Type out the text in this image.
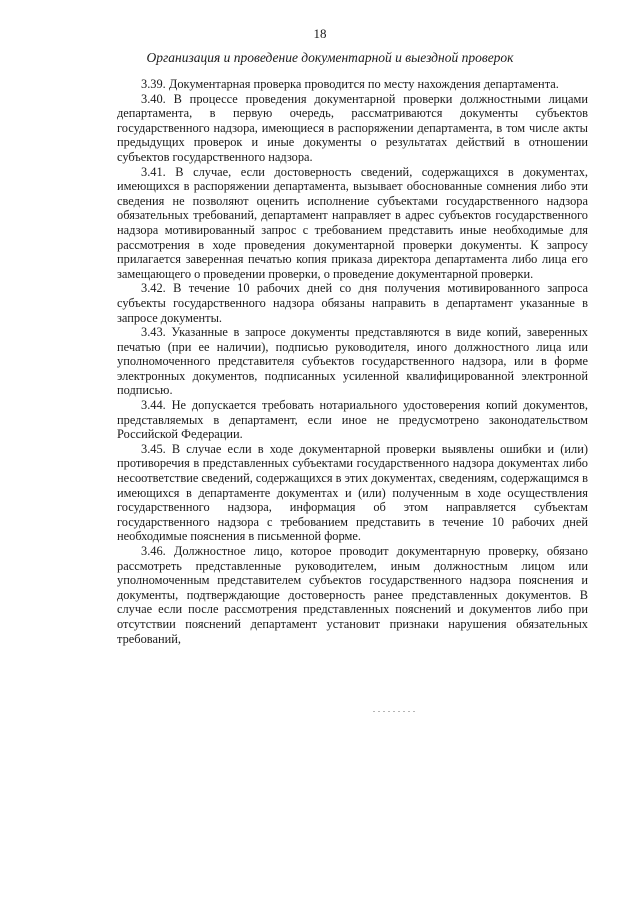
18
Организация и проведение документарной и выездной проверок

3.39. Документарная проверка проводится по месту нахождения департамента.

3.40. В процессе проведения документарной проверки должностными лицами департамента, в первую очередь, рассматриваются документы субъектов государственного надзора, имеющиеся в распоряжении департамента, в том числе акты предыдущих проверок и иные документы о результатах действий в отношении субъектов государственного надзора.

3.41. В случае, если достоверность сведений, содержащихся в документах, имеющихся в распоряжении департамента, вызывает обоснованные сомнения либо эти сведения не позволяют оценить исполнение субъектами государственного надзора обязательных требований, департамент направляет в адрес субъектов государственного надзора мотивированный запрос с требованием представить иные необходимые для рассмотрения в ходе проведения документарной проверки документы. К запросу прилагается заверенная печатью копия приказа директора департамента либо лица его замещающего о проведении проверки, о проведение документарной проверки.

3.42. В течение 10 рабочих дней со дня получения мотивированного запроса субъекты государственного надзора обязаны направить в департамент указанные в запросе документы.

3.43. Указанные в запросе документы представляются в виде копий, заверенных печатью (при ее наличии), подписью руководителя, иного должностного лица или уполномоченного представителя субъектов государственного надзора, или в форме электронных документов, подписанных усиленной квалифицированной электронной подписью.

3.44. Не допускается требовать нотариального удостоверения копий документов, представляемых в департамент, если иное не предусмотрено законодательством Российской Федерации.

3.45. В случае если в ходе документарной проверки выявлены ошибки и (или) противоречия в представленных субъектами государственного надзора документах либо несоответствие сведений, содержащихся в этих документах, сведениям, содержащимся в имеющихся в департаменте документах и (или) полученным в ходе осуществления государственного надзора, информация об этом направляется субъектам государственного надзора с требованием представить в течение 10 рабочих дней необходимые пояснения в письменной форме.

3.46. Должностное лицо, которое проводит документарную проверку, обязано рассмотреть представленные руководителем, иным должностным лицом или уполномоченным представителем субъектов государственного надзора пояснения и документы, подтверждающие достоверность ранее представленных документов. В случае если после рассмотрения представленных пояснений и документов либо при отсутствии пояснений департамент установит признаки нарушения обязательных требований,
